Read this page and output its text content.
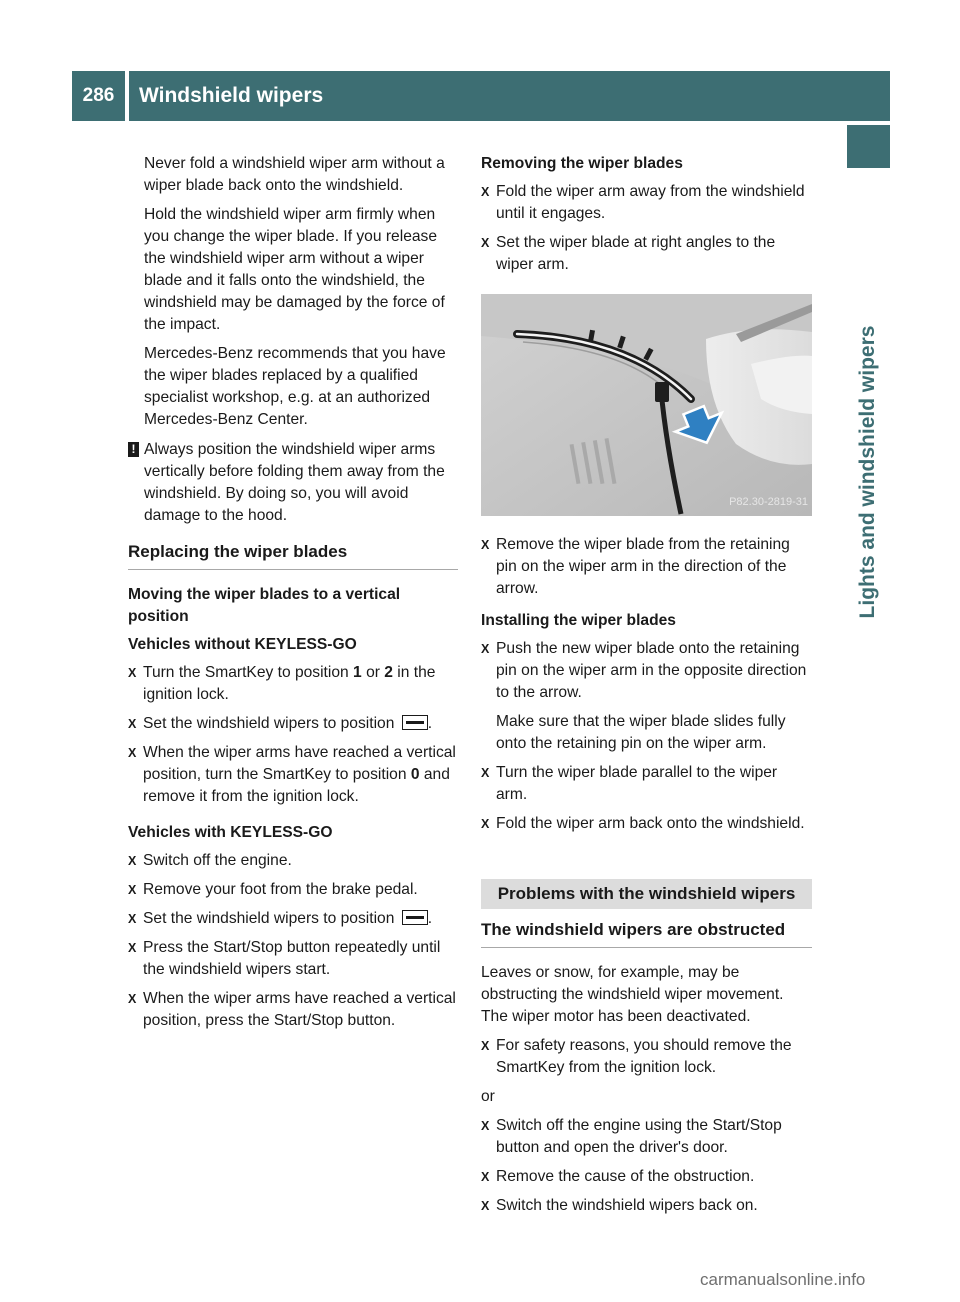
286	Windshield wipers
Lights and windshield wipers

Never fold a windshield wiper arm without a wiper blade back onto the windshield.

Hold the windshield wiper arm firmly when you change the wiper blade. If you release the windshield wiper arm without a wiper blade and it falls onto the windshield, the windshield may be damaged by the force of the impact.

Mercedes-Benz recommends that you have the wiper blades replaced by a qualified specialist workshop, e.g. at an authorized Mercedes-Benz Center.

! Always position the windshield wiper arms vertically before folding them away from the windshield. By doing so, you will avoid damage to the hood.
Replacing the wiper blades
Moving the wiper blades to a vertical position
Vehicles without KEYLESS-GO
X Turn the SmartKey to position 1 or 2 in the ignition lock.
X Set the windshield wipers to position .
X When the wiper arms have reached a vertical position, turn the SmartKey to position 0 and remove it from the ignition lock.
Vehicles with KEYLESS-GO
X Switch off the engine.
X Remove your foot from the brake pedal.
X Set the windshield wipers to position .
X Press the Start/Stop button repeatedly until the windshield wipers start.
X When the wiper arms have reached a vertical position, press the Start/Stop button.
Removing the wiper blades
X Fold the wiper arm away from the windshield until it engages.
X Set the wiper blade at right angles to the wiper arm.
P82.30-2819-31
X Remove the wiper blade from the retaining pin on the wiper arm in the direction of the arrow.
Installing the wiper blades
X Push the new wiper blade onto the retaining pin on the wiper arm in the opposite direction to the arrow.
Make sure that the wiper blade slides fully onto the retaining pin on the wiper arm.
X Turn the wiper blade parallel to the wiper arm.
X Fold the wiper arm back onto the windshield.
Problems with the windshield wipers
The windshield wipers are obstructed

Leaves or snow, for example, may be obstructing the windshield wiper movement. The wiper motor has been deactivated.

X For safety reasons, you should remove the SmartKey from the ignition lock.

or

X Switch off the engine using the Start/Stop button and open the driver's door.
X Remove the cause of the obstruction.
X Switch the windshield wipers back on.
carmanualsonline.info
